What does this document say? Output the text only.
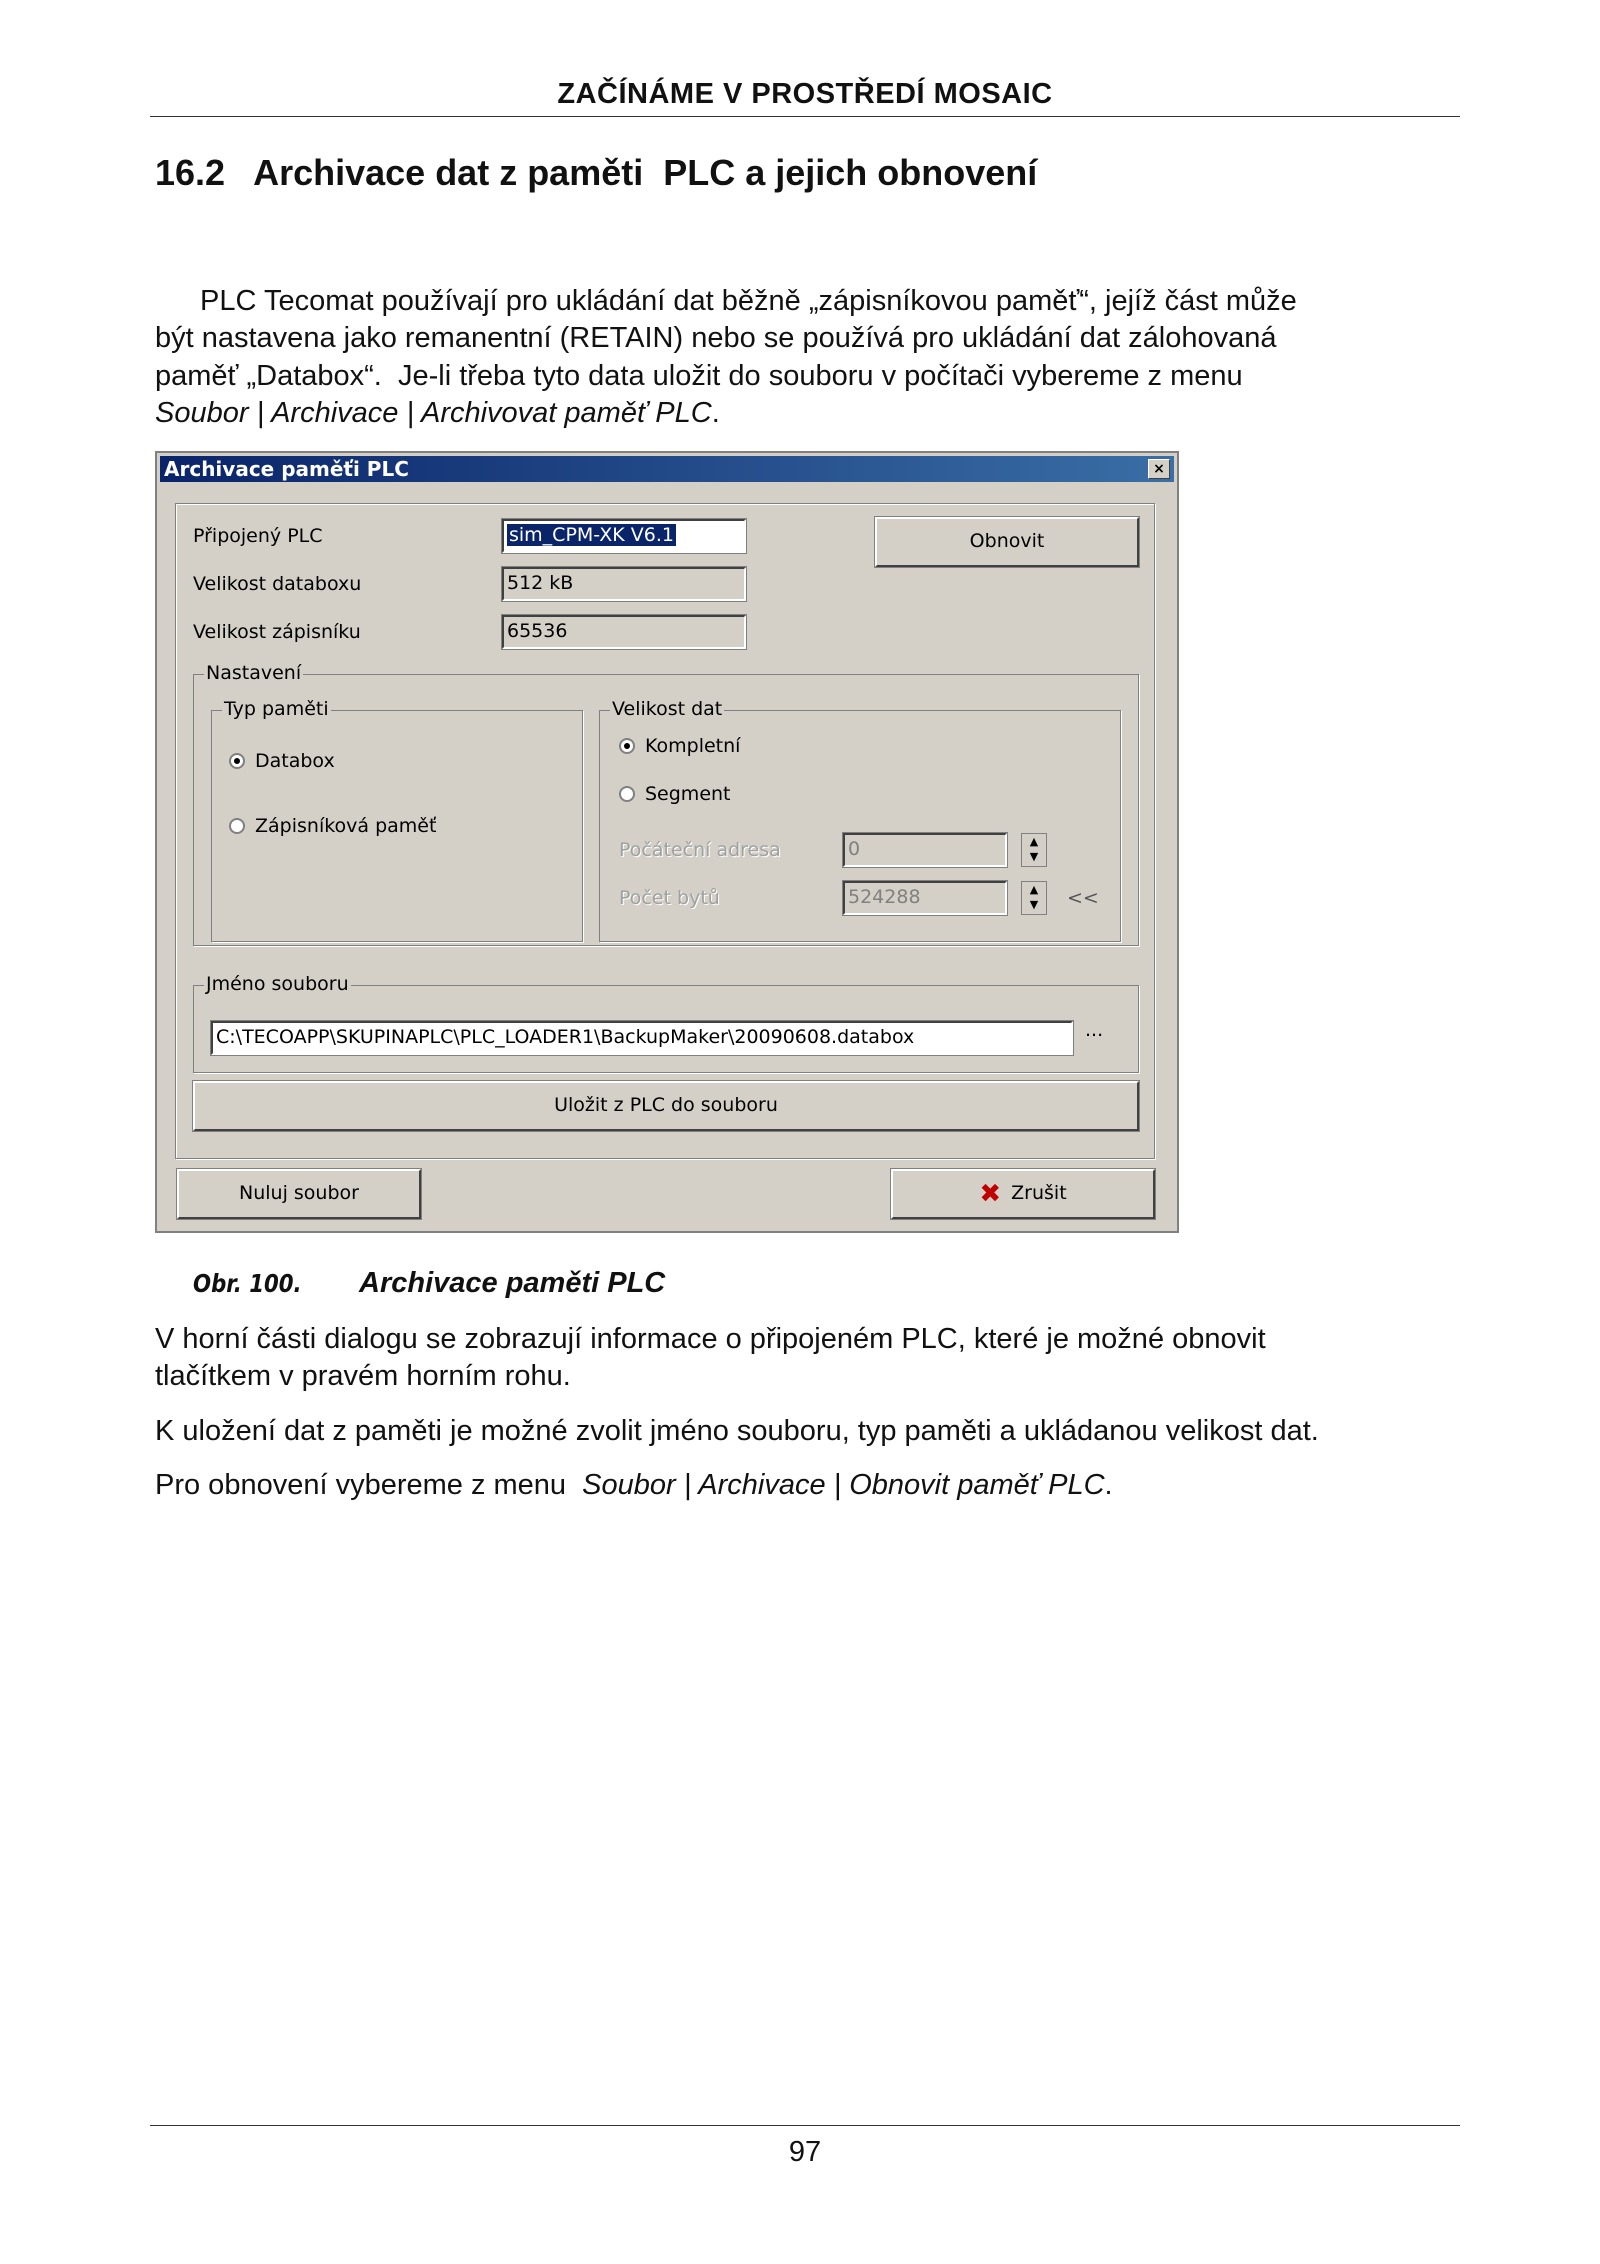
ZAČÍNÁME V PROSTŘEDÍ MOSAIC
16.2 Archivace dat z paměti  PLC a jejich obnovení
PLC Tecomat používají pro ukládání dat běžně „zápisníkovou paměť“, jejíž část může
být nastavena jako remanentní (RETAIN) nebo se používá pro ukládání dat zálohovaná
paměť „Databox“.  Je-li třeba tyto data uložit do souboru v počítači vybereme z menu
Soubor | Archivace | Archivovat paměť PLC.
Archivace paměťi PLC	×
Připojený PLC	sim_CPM-XK V6.1
Velikost databoxu	512 kB
Velikost zápisníku	65536
Obnovit
Nastavení
Typ paměti
Databox
Zápisníková paměť
Velikost dat
Kompletní
Segment
Počáteční adresa	0	▲
▼
Počet bytů	524288	▲
▼	<<
Jméno souboru
C:\TECOAPP\SKUPINAPLC\PLC_LOADER1\BackupMaker\20090608.databox	...
Uložit z PLC do souboru
Nuluj soubor	✖ Zrušit
Obr. 100. Archivace paměti PLC
V horní části dialogu se zobrazují informace o připojeném PLC, které je možné obnovit
tlačítkem v pravém horním rohu.
K uložení dat z paměti je možné zvolit jméno souboru, typ paměti a ukládanou velikost dat.
Pro obnovení vybereme z menu  Soubor | Archivace | Obnovit paměť PLC.
97
